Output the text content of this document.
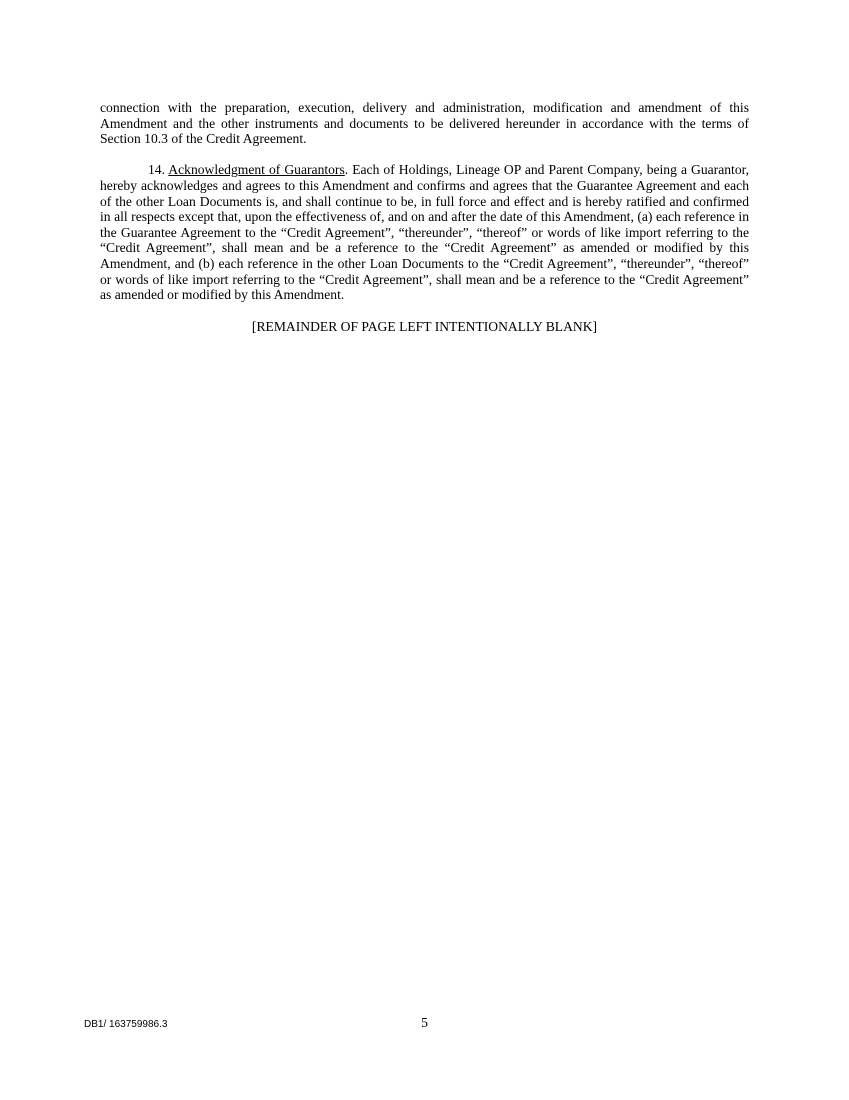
connection with the preparation, execution, delivery and administration, modification and amendment of this Amendment and the other instruments and documents to be delivered hereunder in accordance with the terms of Section 10.3 of the Credit Agreement.

14. Acknowledgment of Guarantors. Each of Holdings, Lineage OP and Parent Company, being a Guarantor, hereby acknowledges and agrees to this Amendment and confirms and agrees that the Guarantee Agreement and each of the other Loan Documents is, and shall continue to be, in full force and effect and is hereby ratified and confirmed in all respects except that, upon the effectiveness of, and on and after the date of this Amendment, (a) each reference in the Guarantee Agreement to the “Credit Agreement”, “thereunder”, “thereof” or words of like import referring to the “Credit Agreement”, shall mean and be a reference to the “Credit Agreement” as amended or modified by this Amendment, and (b) each reference in the other Loan Documents to the “Credit Agreement”, “thereunder”, “thereof” or words of like import referring to the “Credit Agreement”, shall mean and be a reference to the “Credit Agreement” as amended or modified by this Amendment.

[REMAINDER OF PAGE LEFT INTENTIONALLY BLANK]

DB1/ 163759986.3	5
